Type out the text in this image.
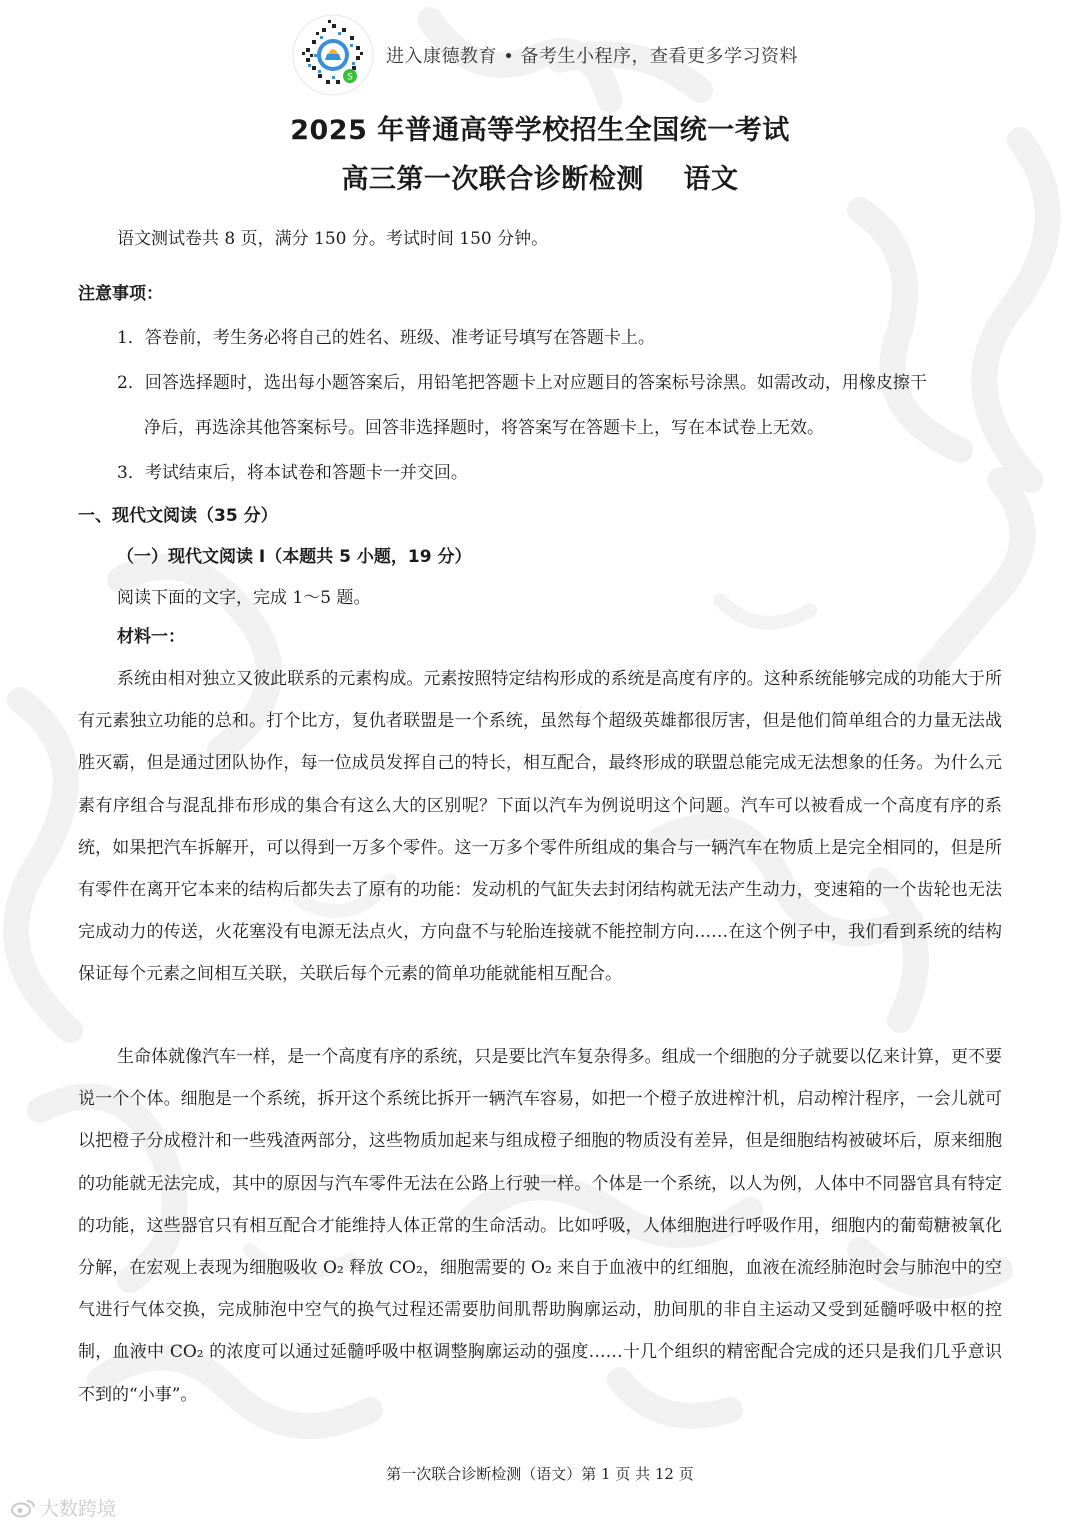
S
进入康德教育 • 备考生小程序，查看更多学习资料
2025 年普通高等学校招生全国统一考试
高三第一次联合诊断检测    语文
语文测试卷共 8 页，满分 150 分。考试时间 150 分钟。
注意事项：
1．答卷前，考生务必将自己的姓名、班级、准考证号填写在答题卡上。
2．回答选择题时，选出每小题答案后，用铅笔把答题卡上对应题目的答案标号涂黑。如需改动，用橡皮擦干
净后，再选涂其他答案标号。回答非选择题时，将答案写在答题卡上，写在本试卷上无效。
3．考试结束后，将本试卷和答题卡一并交回。
一、现代文阅读（35 分）
（一）现代文阅读 I（本题共 5 小题，19 分）
阅读下面的文字，完成 1～5 题。
材料一：

系统由相对独立又彼此联系的元素构成。元素按照特定结构形成的系统是高度有序的。这种系统能够完成的功能大于所有元素独立功能的总和。打个比方，复仇者联盟是一个系统，虽然每个超级英雄都很厉害，但是他们简单组合的力量无法战胜灭霸，但是通过团队协作，每一位成员发挥自己的特长，相互配合，最终形成的联盟总能完成无法想象的任务。为什么元素有序组合与混乱排布形成的集合有这么大的区别呢？下面以汽车为例说明这个问题。汽车可以被看成一个高度有序的系统，如果把汽车拆解开，可以得到一万多个零件。这一万多个零件所组成的集合与一辆汽车在物质上是完全相同的，但是所有零件在离开它本来的结构后都失去了原有的功能：发动机的气缸失去封闭结构就无法产生动力，变速箱的一个齿轮也无法完成动力的传送，火花塞没有电源无法点火，方向盘不与轮胎连接就不能控制方向……在这个例子中，我们看到系统的结构保证每个元素之间相互关联，关联后每个元素的简单功能就能相互配合。

生命体就像汽车一样，是一个高度有序的系统，只是要比汽车复杂得多。组成一个细胞的分子就要以亿来计算，更不要说一个个体。细胞是一个系统，拆开这个系统比拆开一辆汽车容易，如把一个橙子放进榨汁机，启动榨汁程序，一会儿就可以把橙子分成橙汁和一些残渣两部分，这些物质加起来与组成橙子细胞的物质没有差异，但是细胞结构被破坏后，原来细胞的功能就无法完成，其中的原因与汽车零件无法在公路上行驶一样。个体是一个系统，以人为例，人体中不同器官具有特定的功能，这些器官只有相互配合才能维持人体正常的生命活动。比如呼吸，人体细胞进行呼吸作用，细胞内的葡萄糖被氧化分解，在宏观上表现为细胞吸收 O₂ 释放 CO₂，细胞需要的 O₂ 来自于血液中的红细胞，血液在流经肺泡时会与肺泡中的空气进行气体交换，完成肺泡中空气的换气过程还需要肋间肌帮助胸廓运动，肋间肌的非自主运动又受到延髓呼吸中枢的控制，血液中 CO₂ 的浓度可以通过延髓呼吸中枢调整胸廓运动的强度……十几个组织的精密配合完成的还只是我们几乎意识不到的“小事”。

第一次联合诊断检测（语文）第 1 页 共 12 页
大数跨境
